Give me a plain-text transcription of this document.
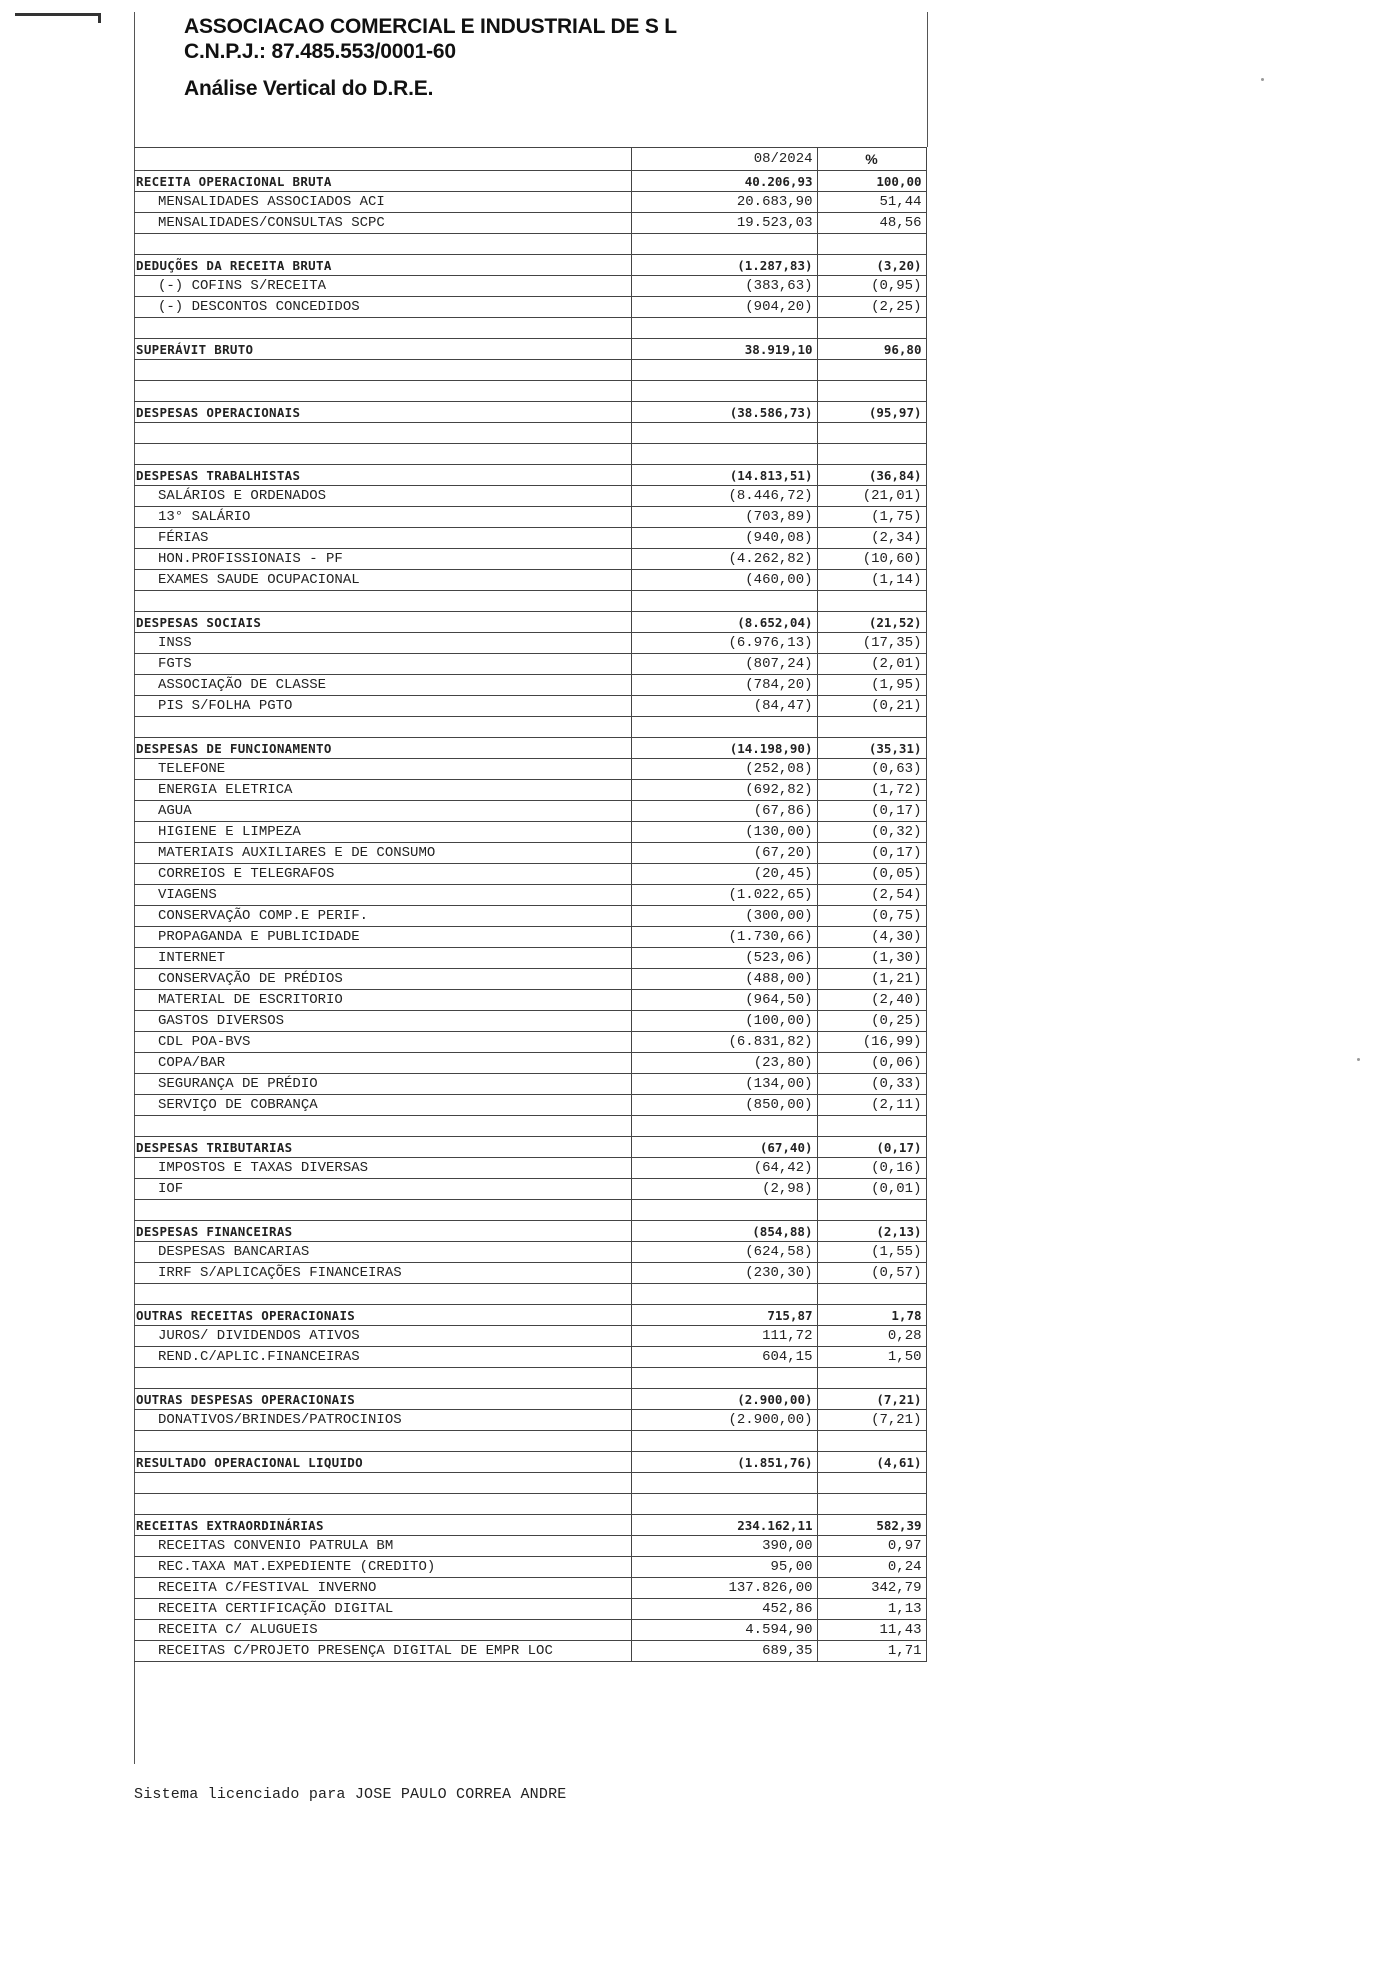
ASSOCIACAO COMERCIAL E INDUSTRIAL DE S L
C.N.P.J.: 87.485.553/0001-60
Análise Vertical do D.R.E.
	08/2024	%
RECEITA OPERACIONAL BRUTA	40.206,93	100,00
MENSALIDADES ASSOCIADOS ACI	20.683,90	51,44
MENSALIDADES/CONSULTAS SCPC	19.523,03	48,56

DEDUÇÕES DA RECEITA BRUTA	(1.287,83)	(3,20)
(-) COFINS S/RECEITA	(383,63)	(0,95)
(-) DESCONTOS CONCEDIDOS	(904,20)	(2,25)

SUPERÁVIT BRUTO	38.919,10	96,80

DESPESAS OPERACIONAIS	(38.586,73)	(95,97)

DESPESAS TRABALHISTAS	(14.813,51)	(36,84)
SALÁRIOS E ORDENADOS	(8.446,72)	(21,01)
13° SALÁRIO	(703,89)	(1,75)
FÉRIAS	(940,08)	(2,34)
HON.PROFISSIONAIS - PF	(4.262,82)	(10,60)
EXAMES SAUDE OCUPACIONAL	(460,00)	(1,14)

DESPESAS SOCIAIS	(8.652,04)	(21,52)
INSS	(6.976,13)	(17,35)
FGTS	(807,24)	(2,01)
ASSOCIAÇÃO DE CLASSE	(784,20)	(1,95)
PIS S/FOLHA PGTO	(84,47)	(0,21)

DESPESAS DE FUNCIONAMENTO	(14.198,90)	(35,31)
TELEFONE	(252,08)	(0,63)
ENERGIA ELETRICA	(692,82)	(1,72)
AGUA	(67,86)	(0,17)
HIGIENE E LIMPEZA	(130,00)	(0,32)
MATERIAIS AUXILIARES E DE CONSUMO	(67,20)	(0,17)
CORREIOS E TELEGRAFOS	(20,45)	(0,05)
VIAGENS	(1.022,65)	(2,54)
CONSERVAÇÃO COMP.E PERIF.	(300,00)	(0,75)
PROPAGANDA E PUBLICIDADE	(1.730,66)	(4,30)
INTERNET	(523,06)	(1,30)
CONSERVAÇÃO DE PRÉDIOS	(488,00)	(1,21)
MATERIAL DE ESCRITORIO	(964,50)	(2,40)
GASTOS DIVERSOS	(100,00)	(0,25)
CDL POA-BVS	(6.831,82)	(16,99)
COPA/BAR	(23,80)	(0,06)
SEGURANÇA DE PRÉDIO	(134,00)	(0,33)
SERVIÇO DE COBRANÇA	(850,00)	(2,11)

DESPESAS TRIBUTARIAS	(67,40)	(0,17)
IMPOSTOS E TAXAS DIVERSAS	(64,42)	(0,16)
IOF	(2,98)	(0,01)

DESPESAS FINANCEIRAS	(854,88)	(2,13)
DESPESAS BANCARIAS	(624,58)	(1,55)
IRRF S/APLICAÇÕES FINANCEIRAS	(230,30)	(0,57)

OUTRAS RECEITAS OPERACIONAIS	715,87	1,78
JUROS/ DIVIDENDOS ATIVOS	111,72	0,28
REND.C/APLIC.FINANCEIRAS	604,15	1,50

OUTRAS DESPESAS OPERACIONAIS	(2.900,00)	(7,21)
DONATIVOS/BRINDES/PATROCINIOS	(2.900,00)	(7,21)

RESULTADO OPERACIONAL LIQUIDO	(1.851,76)	(4,61)

RECEITAS EXTRAORDINÁRIAS	234.162,11	582,39
RECEITAS CONVENIO PATRULA BM	390,00	0,97
REC.TAXA MAT.EXPEDIENTE (CREDITO)	95,00	0,24
RECEITA C/FESTIVAL INVERNO	137.826,00	342,79
RECEITA CERTIFICAÇÃO DIGITAL	452,86	1,13
RECEITA C/ ALUGUEIS	4.594,90	11,43
RECEITAS C/PROJETO PRESENÇA DIGITAL DE EMPR LOC	689,35	1,71
Sistema licenciado para JOSE PAULO CORREA ANDRE
